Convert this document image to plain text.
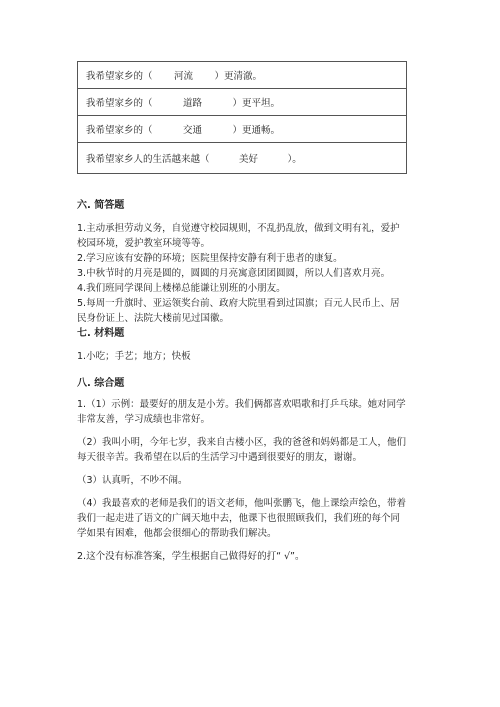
我希望家乡的（ 河流 ）更清澈。
我希望家乡的（	道路	）更平坦。
我希望家乡的（	交通	）更通畅。
我希望家乡人的生活越来越（	美好	）。
六. 简答题

1.主动承担劳动义务，自觉遵守校园规则，不乱扔乱放，做到文明有礼，爱护

校园环境，爱护教室环境等等。

2.学习应该有安静的环境；医院里保持安静有利于患者的康复。

3.中秋节时的月亮是圆的，圆圆的月亮寓意团团圆圆，所以人们喜欢月亮。

4.我们班同学课间上楼梯总能谦让别班的小朋友。

5.每周一升旗时、亚运领奖台前、政府大院里看到过国旗；百元人民币上、居

民身份证上、法院大楼前见过国徽。

七. 材料题

1.小吃；手艺；地方；快板

八. 综合题

1.（1）示例：最要好的朋友是小芳。我们俩都喜欢唱歌和打乒乓球。她对同学

非常友善，学习成绩也非常好。

（2）我叫小明，今年七岁，我来自古楼小区，我的爸爸和妈妈都是工人，他们

每天很辛苦。我希望在以后的生活学习中遇到很要好的朋友，谢谢。

（3）认真听，不吵不闹。

（4）我最喜欢的老师是我们的语文老师，他叫张鹏飞，他上课绘声绘色，带着

我们一起走进了语文的广阔天地中去，他课下也很照顾我们，我们班的每个同

学如果有困难，他都会很细心的帮助我们解决。

2.这个没有标准答案，学生根据自己做得好的打“ √”。
